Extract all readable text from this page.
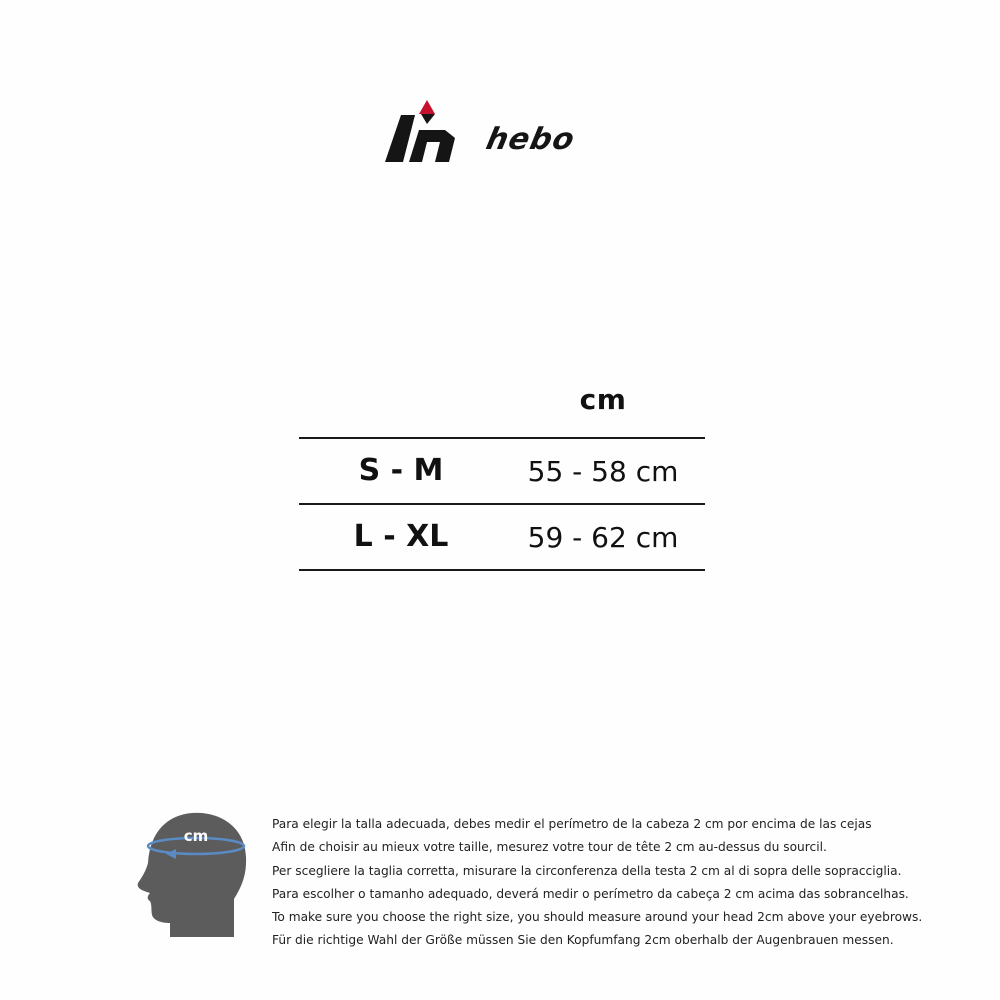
hebo
cm
S - M	55 - 58 cm
L - XL	59 - 62 cm
cm
Para elegir la talla adecuada, debes medir el perímetro de la cabeza 2 cm por encima de las cejas
Afin de choisir au mieux votre taille, mesurez votre tour de tête 2 cm au-dessus du sourcil.
Per scegliere la taglia corretta, misurare la circonferenza della testa 2 cm al di sopra delle sopracciglia.
Para escolher o tamanho adequado, deverá medir o perímetro da cabeça 2 cm acima das sobrancelhas.
To make sure you choose the right size, you should measure around your head 2cm above your eyebrows.
Für die richtige Wahl der Größe müssen Sie den Kopfumfang 2cm oberhalb der Augenbrauen messen.
